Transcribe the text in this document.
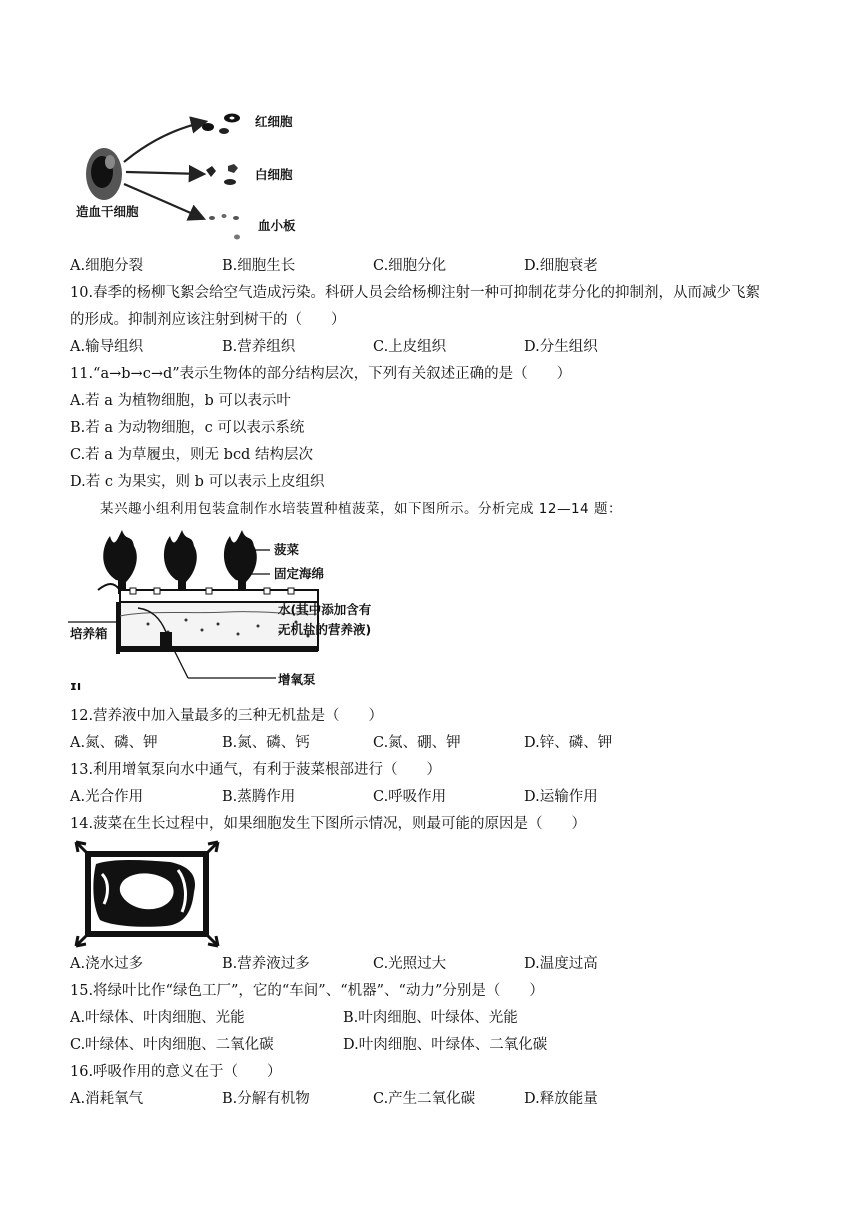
红细胞
白细胞
血小板
造血干细胞
A.细胞分裂	B.细胞生长	C.细胞分化	D.细胞衰老
10.春季的杨柳飞絮会给空气造成污染。科研人员会给杨柳注射一种可抑制花芽分化的抑制剂，从而减少飞絮
的形成。抑制剂应该注射到树干的（　　）
A.输导组织	B.营养组织	C.上皮组织	D.分生组织
11.“a→b→c→d”表示生物体的部分结构层次，下列有关叙述正确的是（　　）
A.若 a 为植物细胞，b 可以表示叶
B.若 a 为动物细胞，c 可以表示系统
C.若 a 为草履虫，则无 bcd 结构层次
D.若 c 为果实，则 b 可以表示上皮组织
某兴趣小组利用包装盒制作水培装置种植菠菜，如下图所示。分析完成 12—14 题：
菠菜
固定海绵
水(其中添加含有
无机盐的营养液)
培养箱
增氧泵
ɪı
12.营养液中加入量最多的三种无机盐是（　　）
A.氮、磷、钾	B.氮、磷、钙	C.氮、硼、钾	D.锌、磷、钾
13.利用增氧泵向水中通气，有利于菠菜根部进行（　　）
A.光合作用	B.蒸腾作用	C.呼吸作用	D.运输作用
14.菠菜在生长过程中，如果细胞发生下图所示情况，则最可能的原因是（　　）
A.浇水过多	B.营养液过多	C.光照过大	D.温度过高
15.将绿叶比作“绿色工厂”，它的“车间”、“机器”、“动力”分别是（　　）
A.叶绿体、叶肉细胞、光能	B.叶肉细胞、叶绿体、光能
C.叶绿体、叶肉细胞、二氧化碳	D.叶肉细胞、叶绿体、二氧化碳
16.呼吸作用的意义在于（　　）
A.消耗氧气	B.分解有机物	C.产生二氧化碳	D.释放能量
